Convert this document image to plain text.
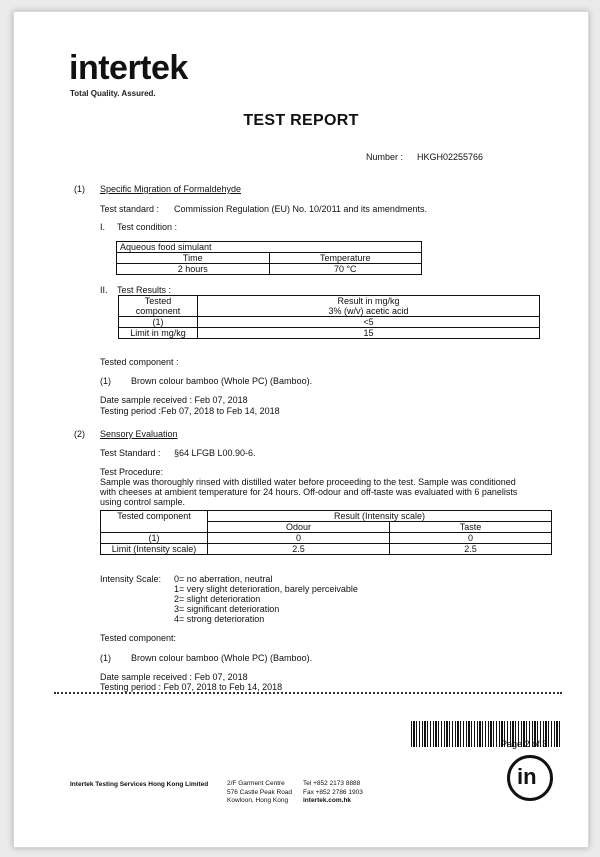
intertek
Total Quality. Assured.
TEST REPORT
Number : HKGH02255766
(1) Specific Migration of Formaldehyde
Test standard : Commission Regulation (EU) No. 10/2011 and its amendments.
I. Test condition :
Aqueous food simulant	
Time	Temperature
2 hours	70 °C
II. Test Results :
Tested
component	Result in mg/kg
3% (w/v) acetic acid
(1)	<5
Limit in mg/kg	15
Tested component :
(1) Brown colour bamboo (Whole PC) (Bamboo).
Date sample received : Feb 07, 2018
Testing period :Feb 07, 2018 to Feb 14, 2018
(2) Sensory Evaluation
Test Standard : §64 LFGB L00.90-6.
Test Procedure:
Sample was thoroughly rinsed with distilled water before proceeding to the test. Sample was conditioned
with cheeses at ambient temperature for 24 hours. Off-odour and off-taste was evaluated with 6 panelists
using control sample.
Tested component	Result (Intensity scale)	
	Odour	Taste
(1)	0	0
Limit (Intensity scale)	2.5	2.5
Intensity Scale: 0= no aberration, neutral
1= very slight deterioration, barely perceivable
2= slight deterioration
3= significant deterioration
4= strong deterioration
Tested component:
(1) Brown colour bamboo (Whole PC) (Bamboo).
Date sample received : Feb 07, 2018
Testing period : Feb 07, 2018 to Feb 14, 2018
Page 2 of 3
Intertek Testing Services Hong Kong Limited	2/F Garment Centre
576 Castle Peak Road
Kowloon, Hong Kong
Tel +852 2173 8888
Fax +852 2786 1903
intertek.com.hk
in
